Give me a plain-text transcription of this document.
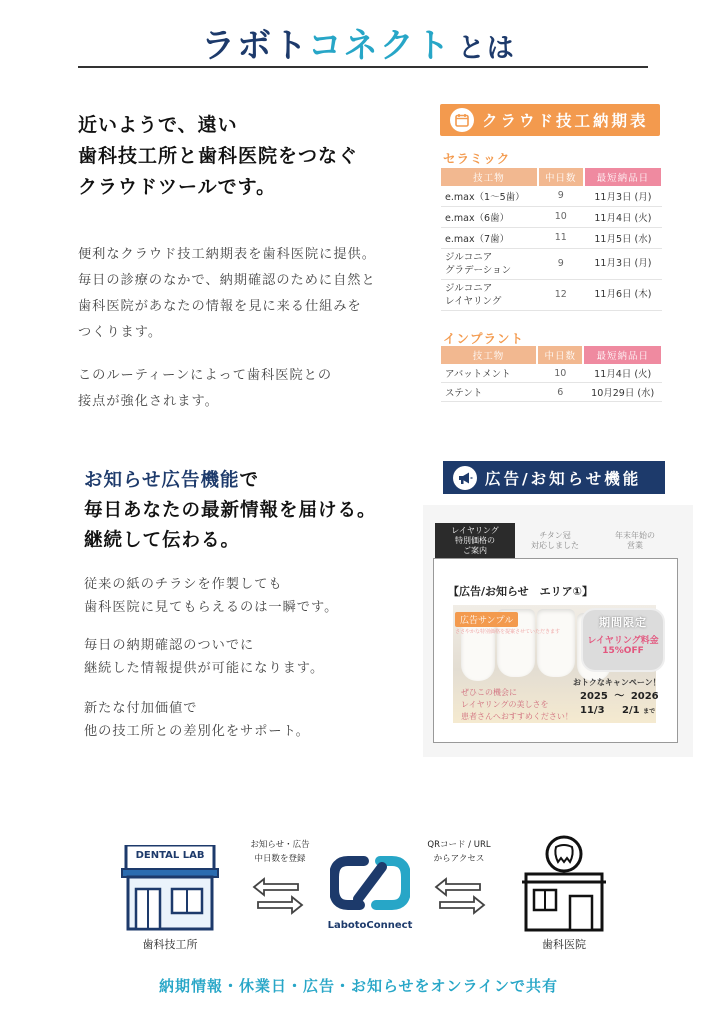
ラボトコネクト とは
近いようで、遠い
歯科技工所と歯科医院をつなぐ
クラウドツールです。
便利なクラウド技工納期表を歯科医院に提供。
毎日の診療のなかで、納期確認のために自然と
歯科医院があなたの情報を見に来る仕組みを
つくります。
このルーティーンによって歯科医院との
接点が強化されます。
クラウド技工納期表
セラミック
技工物	中日数	最短納品日
e.max（1～5歯）	9	11月3日 (月)
e.max（6歯）	10	11月4日 (火)
e.max（7歯）	11	11月5日 (水)

ジルコニア
グラデーション	9	11月3日 (月)

ジルコニア
レイヤリング	12	11月6日 (木)
インプラント
技工物	中日数	最短納品日
アバットメント	10	11月4日 (火)
ステント	6	10月29日 (水)
お知らせ広告機能で
毎日あなたの最新情報を届ける。
継続して伝わる。
従来の紙のチラシを作製しても
歯科医院に見てもらえるのは一瞬です。
毎日の納期確認のついでに
継続した情報提供が可能になります。
新たな付加価値で
他の技工所との差別化をサポート。
広告/お知らせ機能
レイヤリング
特別価格の
ご案内
チタン冠
対応しました
年末年始の
営業
【広告/お知らせ　エリア①】
広告サンプル
ささやかな特別価格を提案させていただきます
期間限定
レイヤリング料金
15%OFF
おトクなキャンペーン！
ぜひこの機会に
レイヤリングの美しさを
患者さんへおすすめください！
2025 ～ 2026
11/3 2/1 まで
DENTAL LAB
歯科技工所
お知らせ・広告
中日数を登録
LabotoConnect
QRコード / URL
からアクセス
歯科医院
納期情報・休業日・広告・お知らせをオンラインで共有
